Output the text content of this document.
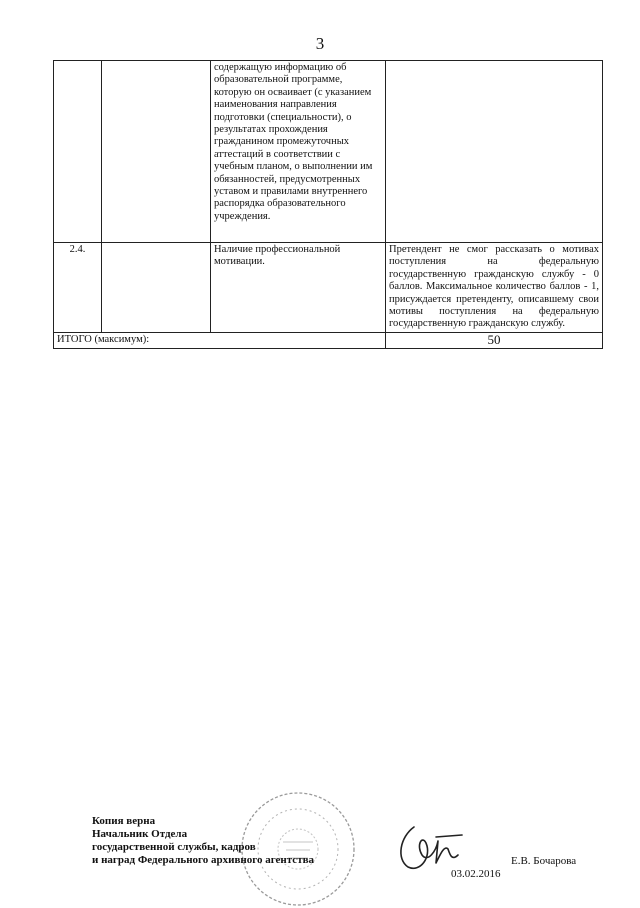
3
		содержащую информацию об образовательной программе, которую он осваивает (с указанием наименования направления подготовки (специальности), о результатах прохождения гражданином промежуточных аттестаций в соответствии с учебным планом, о выполнении им обязанностей, предусмотренных уставом и правилами внутреннего распорядка образовательного учреждения.	
2.4.		Наличие профессиональной мотивации.	Претендент не смог рассказать о мотивах поступления на федеральную государственную гражданскую службу - 0 баллов. Максимальное количество баллов - 1, присуждается претенденту, описавшему свои мотивы поступления на федеральную государственную гражданскую службу.
ИТОГО (максимум):			50
Копия верна
Начальник Отдела
государственной службы, кадров
и наград Федерального архивного агентства	Е.В. Бочарова
03.02.2016
